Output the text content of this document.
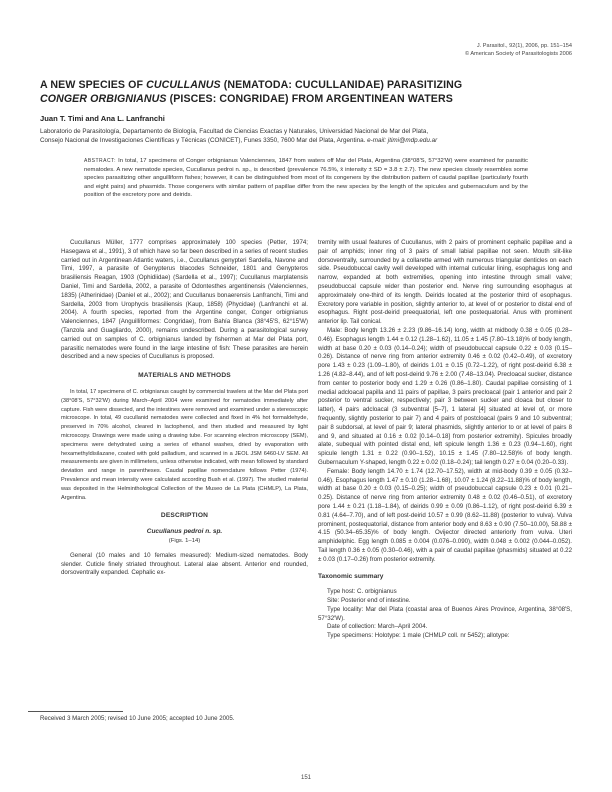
J. Parasitol., 92(1), 2006, pp. 151–154
© American Society of Parasitologists 2006
A NEW SPECIES OF CUCULLANUS (NEMATODA: CUCULLANIDAE) PARASITIZING
CONGER ORBIGNIANUS (PISCES: CONGRIDAE) FROM ARGENTINEAN WATERS
Juan T. Timi and Ana L. Lanfranchi
Laboratorio de Parasitología, Departamento de Biología, Facultad de Ciencias Exactas y Naturales, Universidad Nacional de Mar del Plata,
Consejo Nacional de Investigaciones Científicas y Técnicas (CONICET), Funes 3350, 7600 Mar del Plata, Argentina. e-mail: jtimi@mdp.edu.ar
ABSTRACT: In total, 17 specimens of Conger orbignianus Valenciennes, 1847 from waters off Mar del Plata, Argentina (38°08′S, 57°32′W) were examined for parasitic nematodes. A new nematode species, Cucullanus pedroi n. sp., is described (prevalence 76.5%, x̄ intensity ± SD = 3.8 ± 2.7). The new species closely resembles some species parasitizing other anguilliform fishes; however, it can be distinguished from most of its congeners by the distribution pattern of caudal papillae (particularly fourth and eight pairs) and phasmids. Those congeners with similar pattern of papillae differ from the new species by the length of the spicules and gubernaculum and by the position of the excretory pore and deirids.

Cucullanus Müller, 1777 comprises approximately 100 species (Petter, 1974; Hasegawa et al., 1991), 3 of which have so far been described in a series of recent studies carried out in Argentinean Atlantic waters, i.e., Cucullanus genypteri Sardella, Navone and Timi, 1997, a parasite of Genypterus blacodes Schneider, 1801 and Genypteros brasiliensis Reagan, 1903 (Ophidiidae) (Sardella et al., 1997); Cucullanus marplatensis Daniel, Timi and Sardella, 2002, a parasite of Odontesthes argentinensis (Valenciennes, 1835) (Atherinidae) (Daniel et al., 2002); and Cucullanus bonaerensis Lanfranchi, Timi and Sardella, 2003 from Urophycis brasiliensis (Kaup, 1858) (Phycidae) (Lanfranchi et al. 2004). A fourth species, reported from the Argentine conger, Conger orbignianus Valenciennes, 1847 (Anguilliformes: Congridae), from Bahía Blanca (38°45′S, 62°15′W) (Tanzola and Guagliardo, 2000), remains undescribed. During a parasitological survey carried out on samples of C. orbignianus landed by fishermen at Mar del Plata port, parasitic nematodes were found in the large intestine of fish: These parasites are herein described and a new species of Cucullanus is proposed.

MATERIALS AND METHODS

In total, 17 specimens of C. orbignianus caught by commercial trawlers at the Mar del Plata port (38°08′S, 57°32′W) during March–April 2004 were examined for nematodes immediately after capture. Fish were dissected, and the intestines were removed and examined under a stereoscopic microscope. In total, 49 cucullanid nematodes were collected and fixed in 4% hot formaldehyde, preserved in 70% alcohol, cleared in lactophenol, and then studied and measured by light microscopy. Drawings were made using a drawing tube. For scanning electron microscopy (SEM), specimens were dehydrated using a series of ethanol washes, dried by evaporation with hexamethyldisilazane, coated with gold palladium, and scanned in a JEOL JSM 6460-LV SEM. All measurements are given in millimeters, unless otherwise indicated, with mean followed by standard deviation and range in parentheses. Caudal papillae nomenclature follows Petter (1974). Prevalence and mean intensity were calculated according Bush et al. (1997). The studied material was deposited in the Helminthological Collection of the Museo de La Plata (CHMLP), La Plata, Argentina.

DESCRIPTION
Cucullanus pedroi n. sp.
(Figs. 1–14)

General (10 males and 10 females measured): Medium-sized nematodes. Body slender. Cuticle finely striated throughout. Lateral alae absent. Anterior end rounded, dorsoventrally expanded. Cephalic ex-

tremity with usual features of Cucullanus, with 2 pairs of prominent cephalic papillae and a pair of amphids; inner ring of 3 pairs of small labial papillae not seen. Mouth slit-like dorsoventrally, surrounded by a collarette armed with numerous triangular denticles on each side. Pseudobuccal cavity well developed with internal cuticular lining, esophagus long and narrow, expanded at both extremities, opening into intestine through small valve; pseudobuccal capsule wider than posterior end. Nerve ring surrounding esophagus at approximately one-third of its length. Deirids located at the posterior third of esophagus. Excretory pore variable in position, slightly anterior to, at level of or posterior to distal end of esophagus. Right post-deirid preequatorial, left one postequatorial. Anus with prominent anterior lip. Tail conical.

Male: Body length 13.26 ± 2.23 (9.86–16.14) long, width at midbody 0.38 ± 0.05 (0.28–0.46). Esophagus length 1.44 ± 0.12 (1.28–1.62), 11.05 ± 1.45 (7.80–13.18)% of body length, width at base 0.20 ± 0.03 (0.14–0.24); width of pseudobuccal capsule 0.22 ± 0.03 (0.15–0.26). Distance of nerve ring from anterior extremity 0.46 ± 0.02 (0.42–0.49), of excretory pore 1.43 ± 0.23 (1.09–1.80), of deirids 1.01 ± 0.15 (0.72–1.22), of right post-deirid 6.38 ± 1.26 (4.82–8.44), and of left post-deirid 9.76 ± 2.00 (7.48–13.04). Precloacal sucker, distance from center to posterior body end 1.29 ± 0.26 (0.86–1.80). Caudal papillae consisting of 1 medial adcloacal papilla and 11 pairs of papillae, 3 pairs precloacal (pair 1 anterior and pair 2 posterior to ventral sucker, respectively; pair 3 between sucker and cloaca but closer to latter), 4 pairs adcloacal (3 subventral [5–7], 1 lateral [4] situated at level of, or more frequently, slightly posterior to pair 7) and 4 pairs of postcloacal (pairs 9 and 10 subventral; pair 8 subdorsal, at level of pair 9; lateral phasmids, slightly anterior to or at level of pairs 8 and 9, and situated at 0.16 ± 0.02 [0.14–0.18] from posterior extremity). Spicules broadly alate, subequal with pointed distal end, left spicule length 1.36 ± 0.23 (0.94–1.60), right spicule length 1.31 ± 0.22 (0.90–1.52), 10.15 ± 1.45 (7.80–12.58)% of body length. Gubernaculum Y-shaped, length 0.22 ± 0.02 (0.18–0.24); tail length 0.27 ± 0.04 (0.20–0.33).

Female: Body length 14.70 ± 1.74 (12.70–17.52), width at mid-body 0.39 ± 0.05 (0.32–0.46). Esophagus length 1.47 ± 0.10 (1.28–1.68), 10.07 ± 1.24 (8.22–11.88)% of body length, width at base 0.20 ± 0.03 (0.15–0.25); width of pseudobuccal capsule 0.23 ± 0.01 (0.21–0.25). Distance of nerve ring from anterior extremity 0.48 ± 0.02 (0.46–0.51), of excretory pore 1.44 ± 0.21 (1.18–1.84), of deirids 0.99 ± 0.09 (0.86–1.12), of right post-deirid 6.39 ± 0.81 (4.64–7.70), and of left post-deirid 10.57 ± 0.99 (8.62–11.88) (posterior to vulva). Vulva prominent, postequatorial, distance from anterior body end 8.63 ± 0.90 (7.50–10.00), 58.88 ± 4.15 (50.34–65.35)% of body length. Ovijector directed anteriorly from vulva. Uteri amphidelphic. Egg length 0.085 ± 0.004 (0.076–0.090), width 0.048 ± 0.002 (0.044–0.052). Tail length 0.36 ± 0.05 (0.30–0.46), with a pair of caudal papillae (phasmids) situated at 0.22 ± 0.03 (0.17–0.26) from posterior extremity.

Taxonomic summary

Type host: C. orbignianus

Site: Posterior end of intestine.

Type locality: Mar del Plata (coastal area of Buenos Aires Province, Argentina, 38°08′S, 57°32′W).

Date of collection: March–April 2004.

Type specimens: Holotype: 1 male (CHMLP coll. nr 5452); allotype:

Received 3 March 2005; revised 10 June 2005; accepted 10 June 2005.
151
